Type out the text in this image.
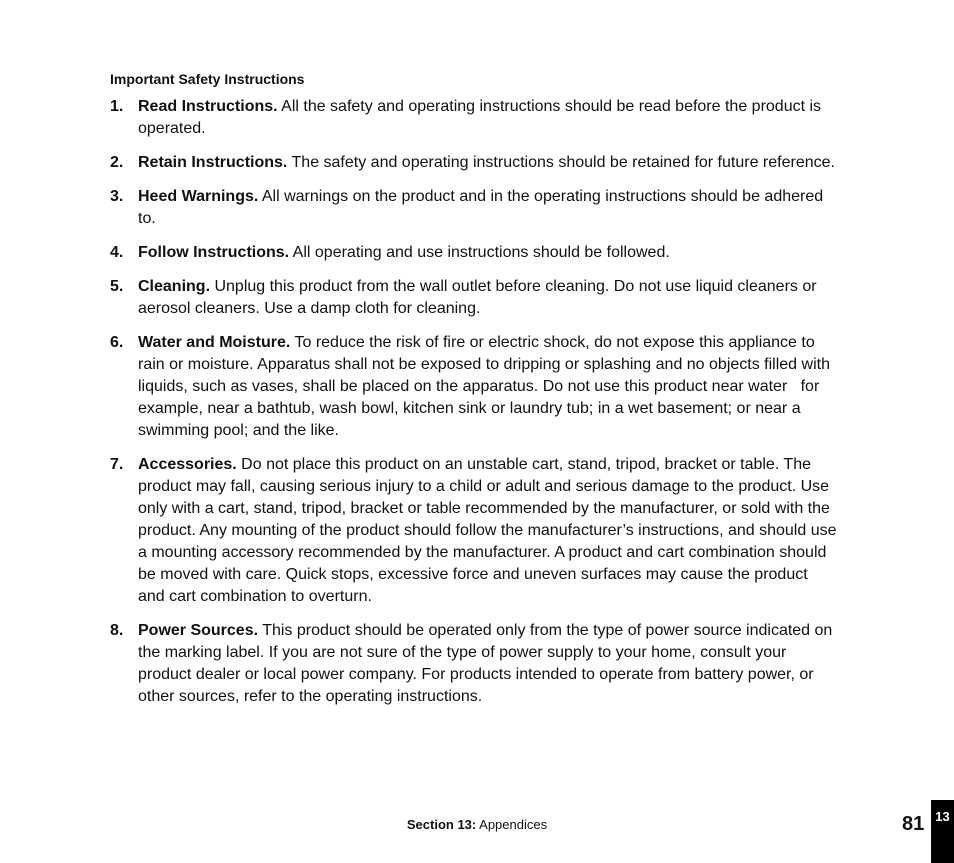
Important Safety Instructions
1. Read Instructions. All the safety and operating instructions should be read before the product is operated.
2. Retain Instructions. The safety and operating instructions should be retained for future reference.
3. Heed Warnings. All warnings on the product and in the operating instructions should be adhered to.
4. Follow Instructions. All operating and use instructions should be followed.
5. Cleaning. Unplug this product from the wall outlet before cleaning. Do not use liquid cleaners or aerosol cleaners. Use a damp cloth for cleaning.
6. Water and Moisture. To reduce the risk of fire or electric shock, do not expose this appliance to rain or moisture. Apparatus shall not be exposed to dripping or splashing and no objects filled with liquids, such as vases, shall be placed on the apparatus. Do not use this product near water   for example, near a bathtub, wash bowl, kitchen sink or laundry tub; in a wet basement; or near a swimming pool; and the like.
7. Accessories. Do not place this product on an unstable cart, stand, tripod, bracket or table. The product may fall, causing serious injury to a child or adult and serious damage to the product. Use only with a cart, stand, tripod, bracket or table recommended by the manufacturer, or sold with the product. Any mounting of the product should follow the manufacturer’s instructions, and should use a mounting accessory recommended by the manufacturer. A product and cart combination should be moved with care. Quick stops, excessive force and uneven surfaces may cause the product and cart combination to overturn.
8. Power Sources. This product should be operated only from the type of power source indicated on the marking label. If you are not sure of the type of power supply to your home, consult your product dealer or local power company. For products intended to operate from battery power, or other sources, refer to the operating instructions.

Section 13: Appendices	81 13
